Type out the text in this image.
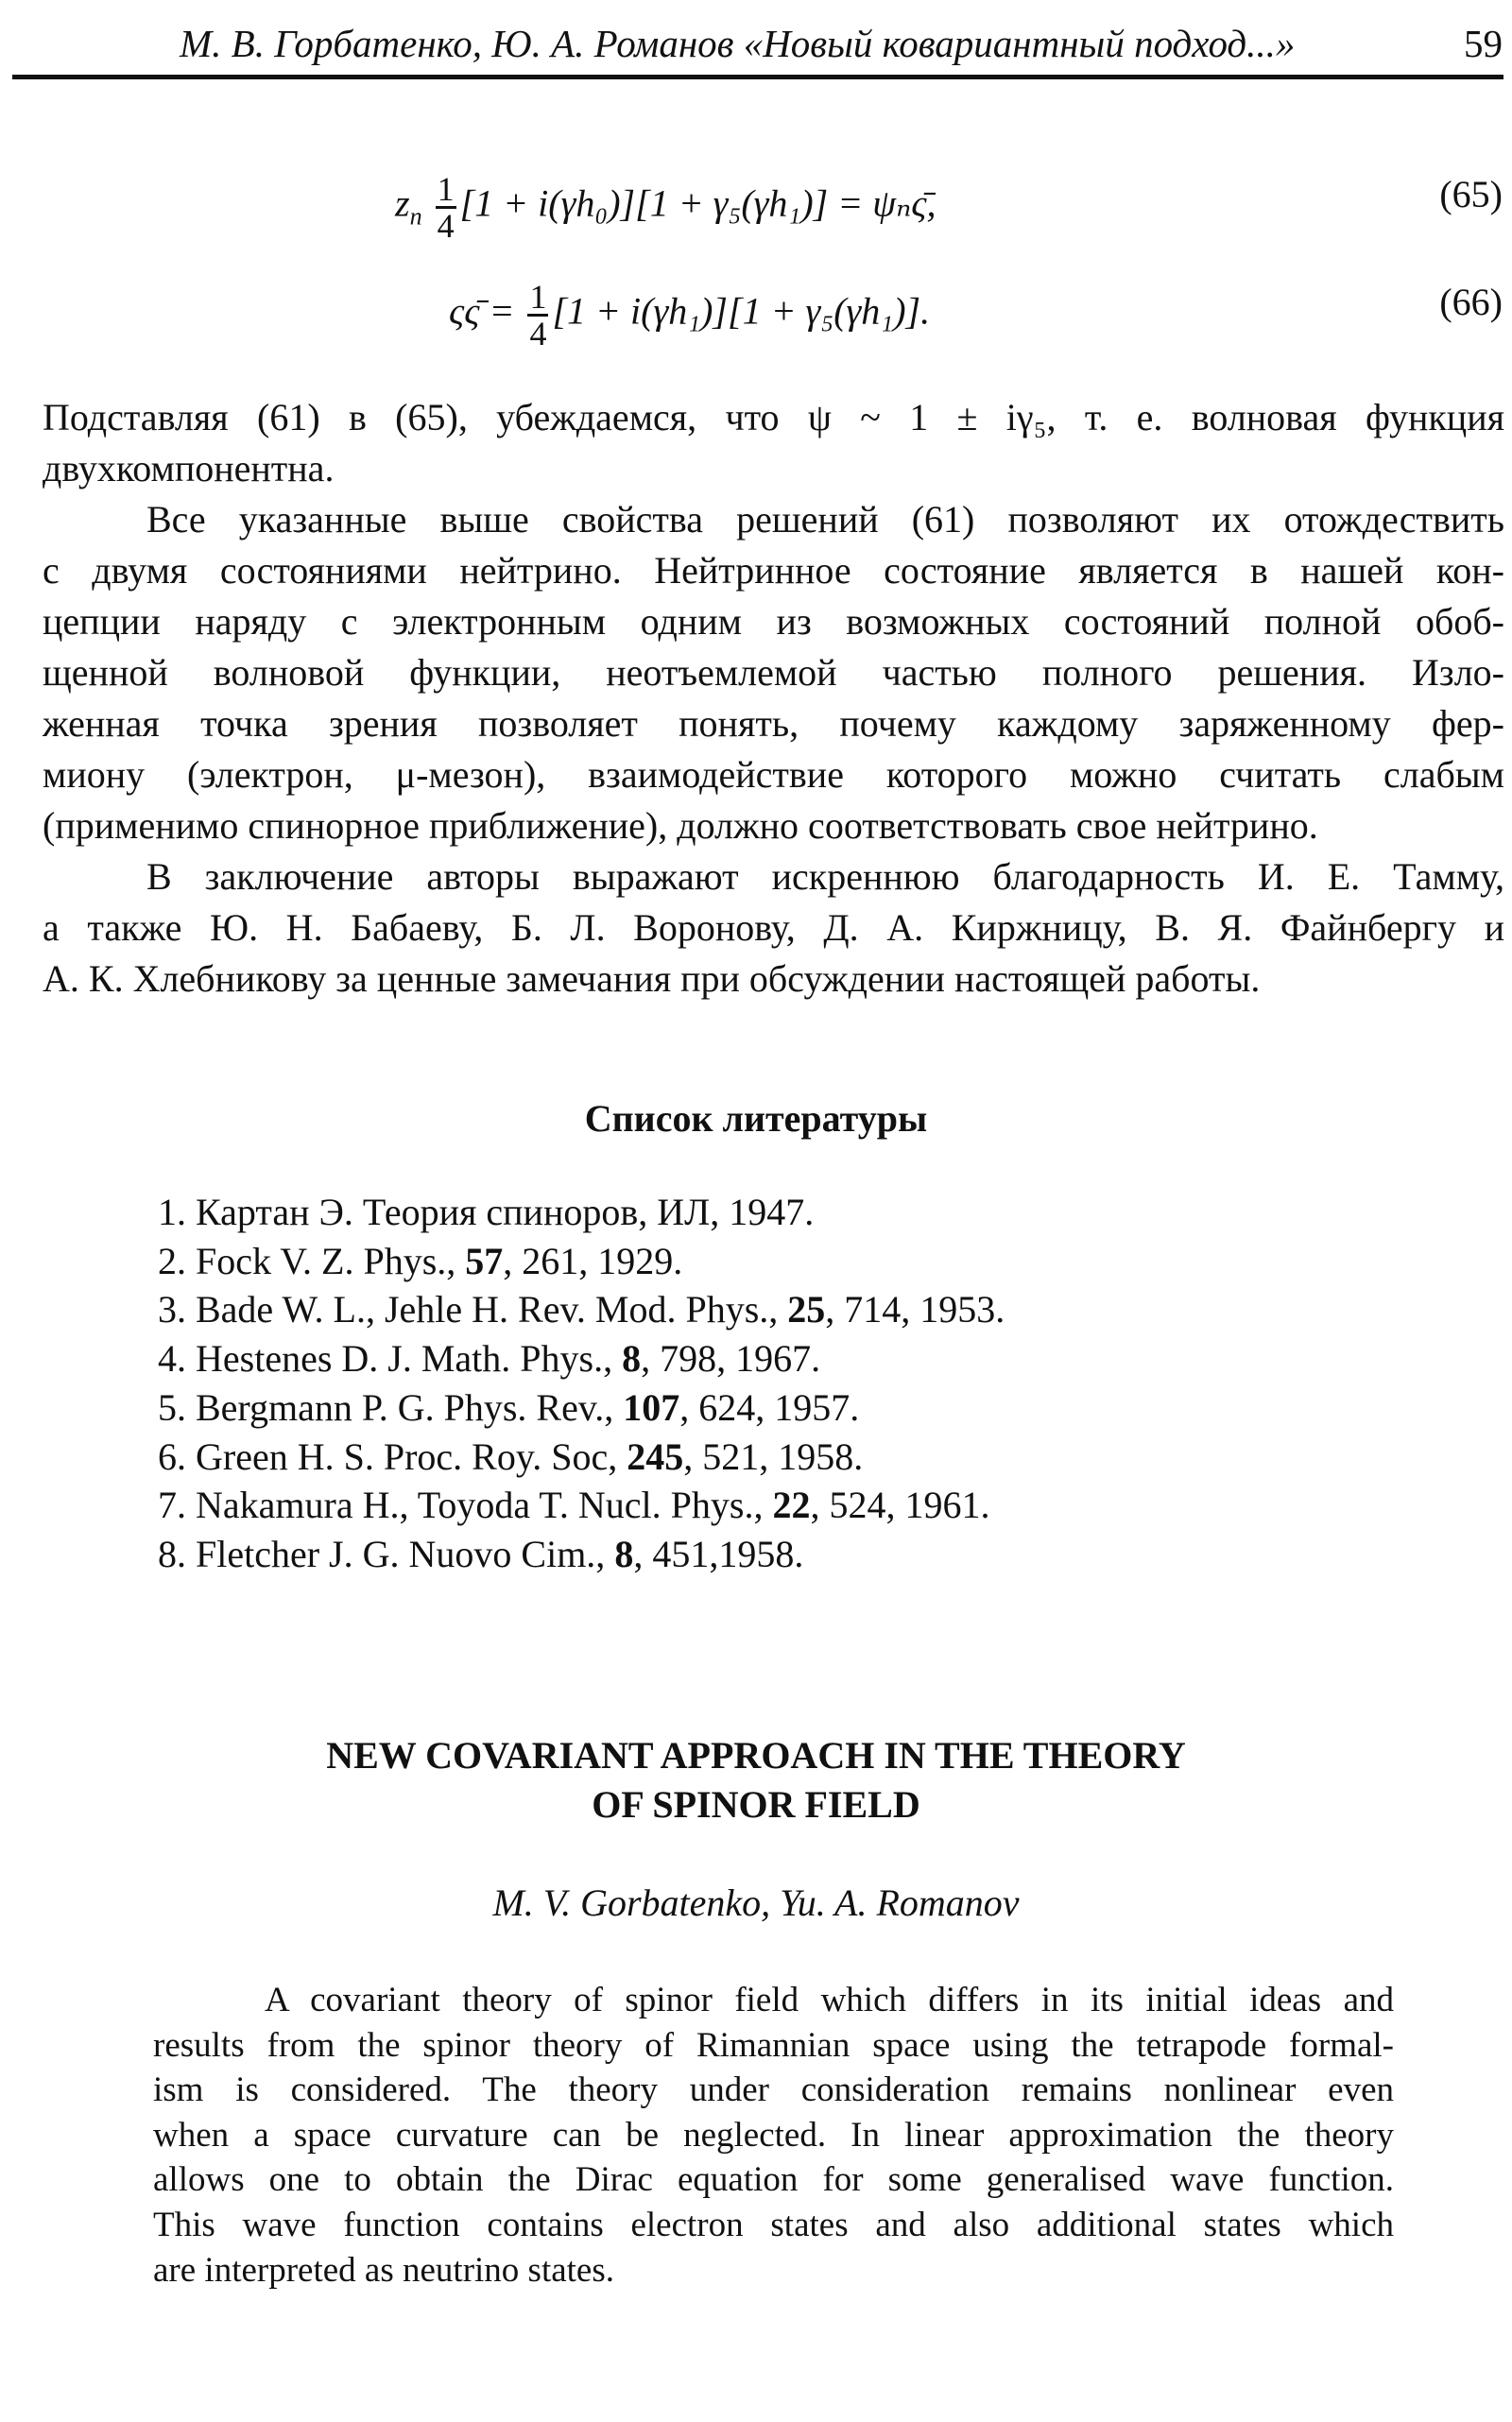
М. В. Горбатенко, Ю. А. Романов «Новый ковариантный подход...»	59
$z_n \frac{1}{4} [1 + i(\gamma h_0)][1 + \gamma_5(\gamma h_1)]$ = ψₙς̄,	(65)
ςς̄ = $\frac{1}{4} [1 + i(\gamma h_1)][1 + \gamma_5(\gamma h_1)]$.	(66)
Подставляя (61) в (65), убеждаемся, что ψ ~ 1 ± iγ₅, т. е. волновая функция
двухкомпонентна.
Все указанные выше свойства решений (61) позволяют их отождествить
с двумя состояниями нейтрино. Нейтринное состояние является в нашей кон-
цепции наряду с электронным одним из возможных состояний полной обоб-
щенной волновой функции, неотъемлемой частью полного решения. Изло-
женная точка зрения позволяет понять, почему каждому заряженному фер-
миону (электрон, μ-мезон), взаимодействие которого можно считать слабым
(применимо спинорное приближение), должно соответствовать свое нейтрино.
В заключение авторы выражают искреннюю благодарность И. Е. Тамму,
а также Ю. Н. Бабаеву, Б. Л. Воронову, Д. А. Киржницу, В. Я. Файнбергу и
А. К. Хлебникову за ценные замечания при обсуждении настоящей работы.
Список литературы
1. Картан Э. Теория спиноров, ИЛ, 1947.
2. Fock V. Z. Phys., 57, 261, 1929.
3. Bade W. L., Jehle H. Rev. Mod. Phys., 25, 714, 1953.
4. Hestenes D. J. Math. Phys., 8, 798, 1967.
5. Bergmann P. G. Phys. Rev., 107, 624, 1957.
6. Green H. S. Proc. Roy. Soc, 245, 521, 1958.
7. Nakamura H., Toyoda T. Nucl. Phys., 22, 524, 1961.
8. Fletcher J. G. Nuovo Cim., 8, 451,1958.
NEW COVARIANT APPROACH IN THE THEORY
OF SPINOR FIELD
M. V. Gorbatenko, Yu. A. Romanov
A covariant theory of spinor field which differs in its initial ideas and
results from the spinor theory of Rimannian space using the tetrapode formal-
ism is considered. The theory under consideration remains nonlinear even
when a space curvature can be neglected. In linear approximation the theory
allows one to obtain the Dirac equation for some generalised wave function.
This wave function contains electron states and also additional states which
are interpreted as neutrino states.
